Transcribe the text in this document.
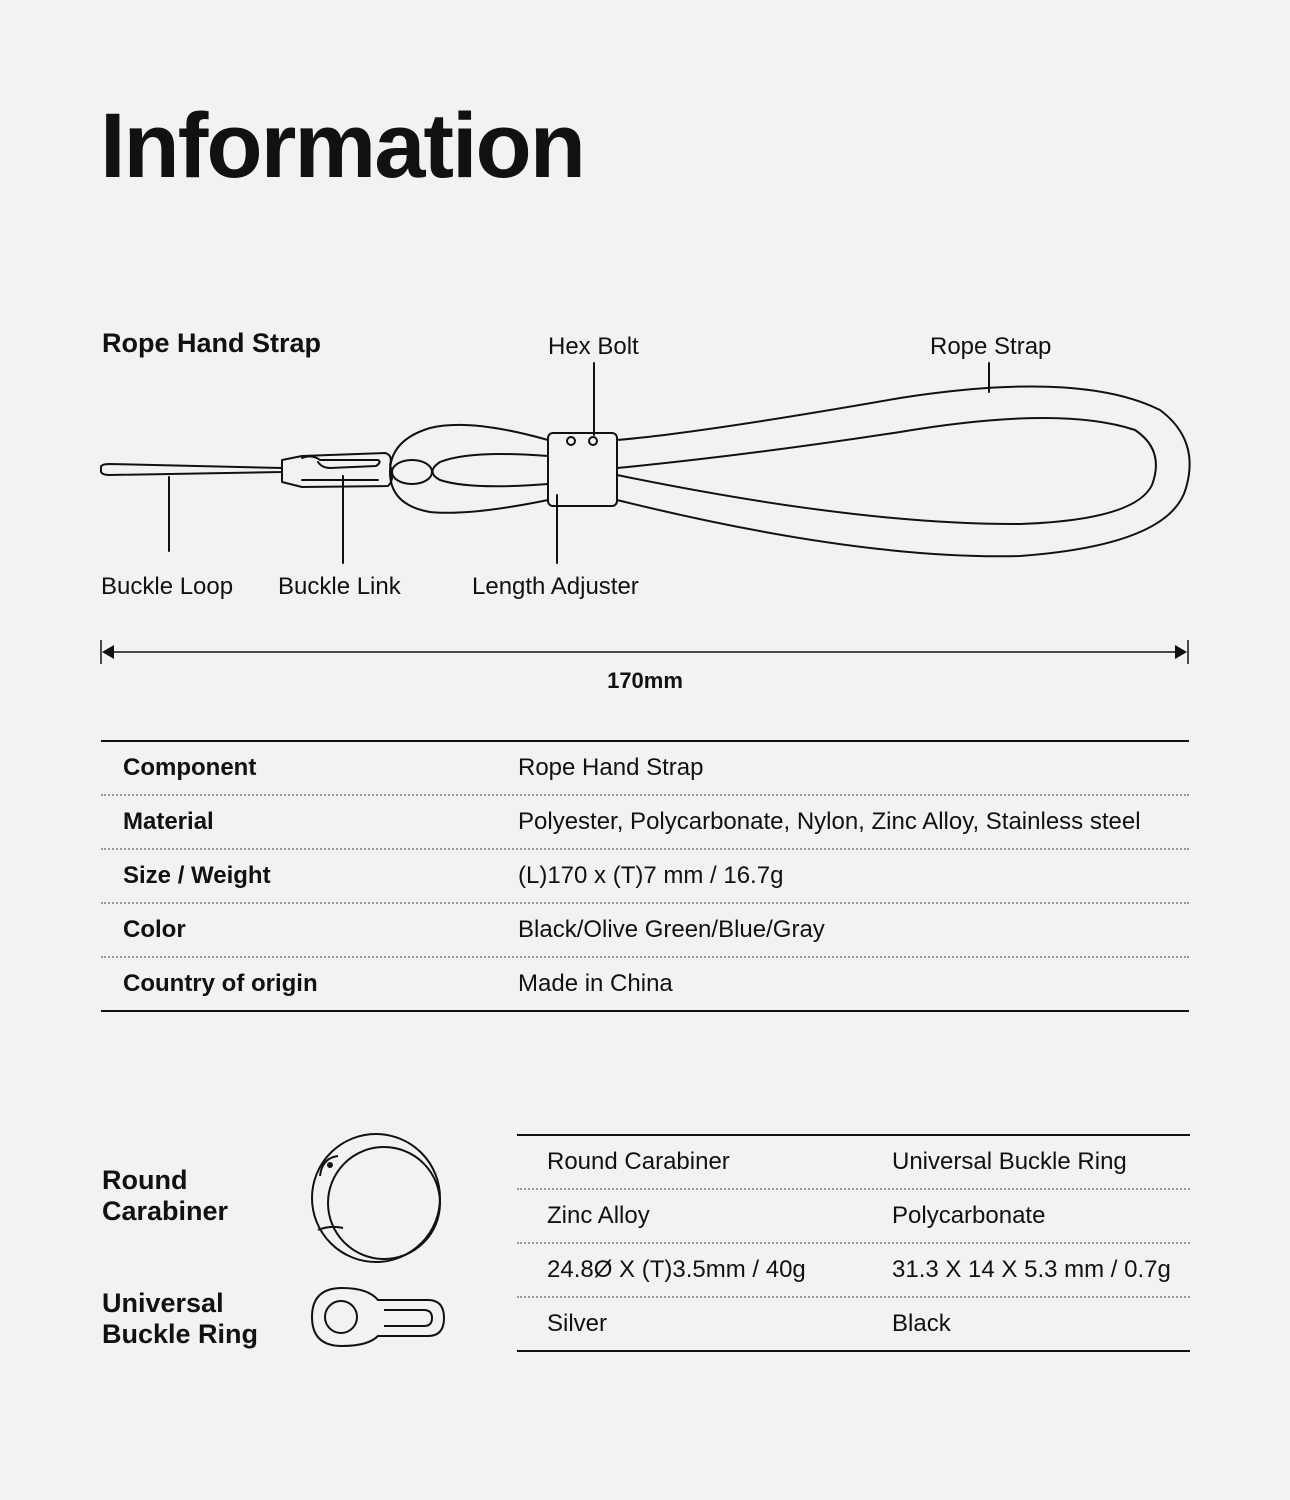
Information
Rope Hand Strap	Hex Bolt	Rope Strap
Buckle Loop Buckle Link	Length Adjuster
170mm
Component	Rope Hand Strap
Material	Polyester, Polycarbonate, Nylon, Zinc Alloy, Stainless steel
Size / Weight	(L)170 x (T)7 mm / 16.7g
Color	Black/Olive Green/Blue/Gray
Country of origin	Made in China
Round Carabiner
Universal Buckle Ring
Round Carabiner	Universal Buckle Ring
Zinc Alloy	Polycarbonate
24.8Ø X (T)3.5mm / 40g	31.3 X 14 X 5.3 mm / 0.7g
Silver	Black
